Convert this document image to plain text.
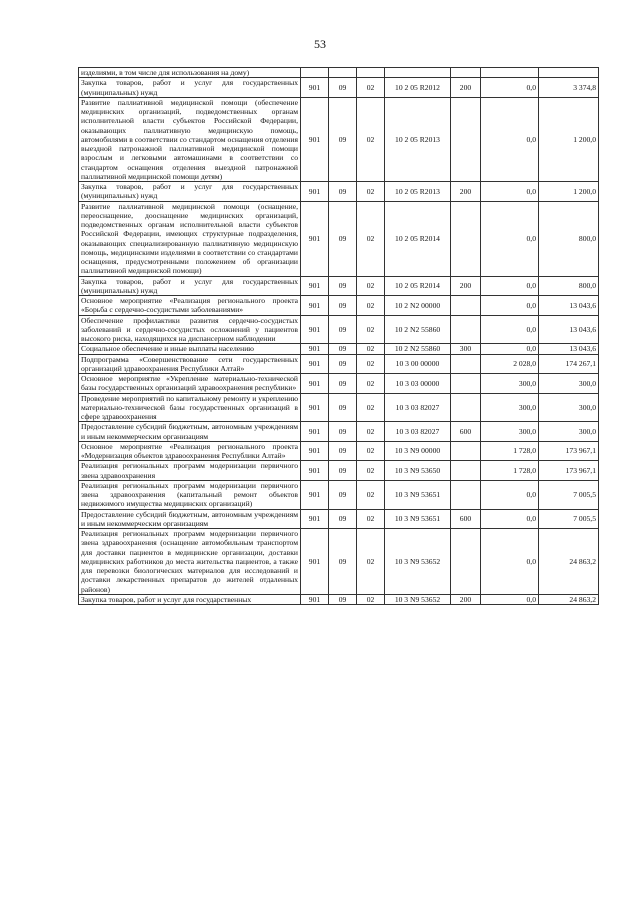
53
изделиями, в том числе для использования на дому)							
Закупка товаров, работ и услуг для государственных (муниципальных) нужд	901	09	02	10 2 05 R2012	200	0,0	3 374,8
Развитие паллиативной медицинской помощи (обеспечение медицинских организаций, подведомственных органам исполнительной власти субъектов Российской Федерации, оказывающих паллиативную медицинскую помощь, автомобилями в соответствии со стандартом оснащения отделения выездной патронажной паллиативной медицинской помощи взрослым и легковыми автомашинами в соответствии со стандартом оснащения отделения выездной патронажной паллиативной медицинской помощи детям)	901	09	02	10 2 05 R2013		0,0	1 200,0
Закупка товаров, работ и услуг для государственных (муниципальных) нужд	901	09	02	10 2 05 R2013	200	0,0	1 200,0
Развитие паллиативной медицинской помощи (оснащение, переоснащение, дооснащение медицинских организаций, подведомственных органам исполнительной власти субъектов Российской Федерации, имеющих структурные подразделения, оказывающих специализированную паллиативную медицинскую помощь, медицинскими изделиями в соответствии со стандартами оснащения, предусмотренными положением об организации паллиативной медицинской помощи)	901	09	02	10 2 05 R2014		0,0	800,0
Закупка товаров, работ и услуг для государственных (муниципальных) нужд	901	09	02	10 2 05 R2014	200	0,0	800,0
Основное мероприятие «Реализация регионального проекта «Борьба с сердечно-сосудистыми заболеваниями»	901	09	02	10 2 N2 00000		0,0	13 043,6
Обеспечение профилактики развития сердечно-сосудистых заболеваний и сердечно-сосудистых осложнений у пациентов высокого риска, находящихся на диспансерном наблюдении	901	09	02	10 2 N2 55860		0,0	13 043,6
Социальное обеспечение и иные выплаты населению	901	09	02	10 2 N2 55860	300	0,0	13 043,6
Подпрограмма «Совершенствование сети государственных организаций здравоохранения Республики Алтай»	901	09	02	10 3 00 00000		2 028,0	174 267,1
Основное мероприятие «Укрепление материально-технической базы государственных организаций здравоохранения республики»	901	09	02	10 3 03 00000		300,0	300,0
Проведение мероприятий по капитальному ремонту и укреплению материально-технической базы государственных организаций в сфере здравоохранения	901	09	02	10 3 03 82027		300,0	300,0
Предоставление субсидий бюджетным, автономным учреждениям и иным некоммерческим организациям	901	09	02	10 3 03 82027	600	300,0	300,0
Основное мероприятие «Реализация регионального проекта «Модернизация объектов здравоохранения Республики Алтай»	901	09	02	10 3 N9 00000		1 728,0	173 967,1
Реализация региональных программ модернизации первичного звена здравоохранения	901	09	02	10 3 N9 53650		1 728,0	173 967,1
Реализация региональных программ модернизации первичного звена здравоохранения (капитальный ремонт объектов недвижимого имущества медицинских организаций)	901	09	02	10 3 N9 53651		0,0	7 005,5
Предоставление субсидий бюджетным, автономным учреждениям и иным некоммерческим организациям	901	09	02	10 3 N9 53651	600	0,0	7 005,5
Реализация региональных программ модернизации первичного звена здравоохранения (оснащение автомобильным транспортом для доставки пациентов в медицинские организации, доставки медицинских работников до места жительства пациентов, а также для перевозки биологических материалов для исследований и доставки лекарственных препаратов до жителей отдаленных районов)	901	09	02	10 3 N9 53652		0,0	24 863,2
Закупка товаров, работ и услуг для государственных	901	09	02	10 3 N9 53652	200	0,0	24 863,2
